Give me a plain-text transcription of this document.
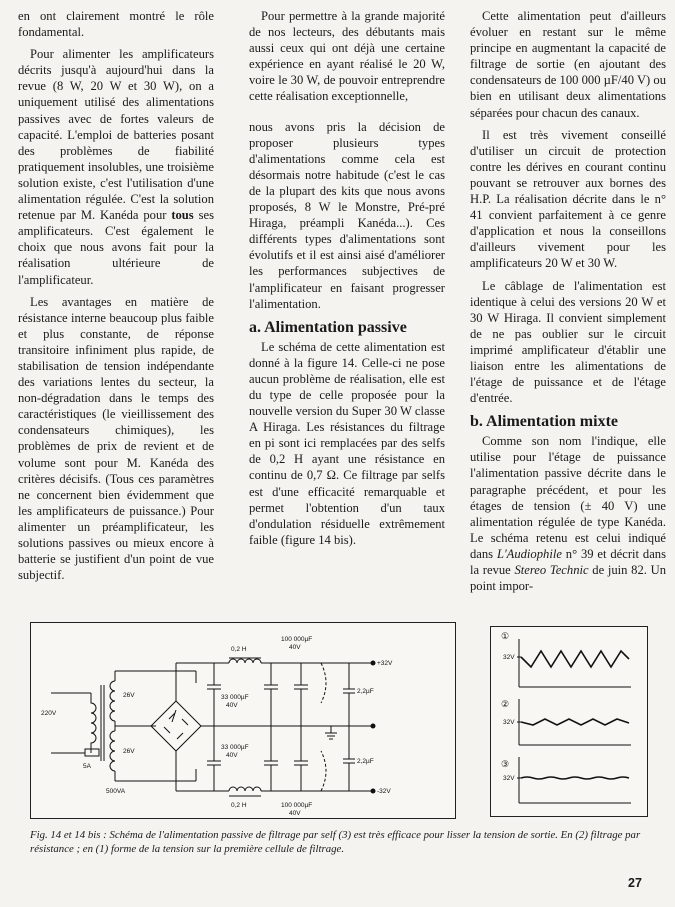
en ont clairement montré le rôle fondamental.

Pour alimenter les amplificateurs décrits jusqu'à aujourd'hui dans la revue (8 W, 20 W et 30 W), on a uniquement utilisé des alimentations passives avec de fortes valeurs de capacité. L'emploi de batteries posant des problèmes de fiabilité pratiquement insolubles, une troisième solution existe, c'est l'utilisation d'une alimentation régulée. C'est la solution retenue par M. Kanéda pour tous ses amplificateurs. C'est également le choix que nous avons fait pour la réalisation ultérieure de l'amplificateur.

Les avantages en matière de résistance interne beaucoup plus faible et plus constante, de réponse transitoire infiniment plus rapide, de stabilisation de tension indépendante des variations lentes du secteur, la non-dégradation dans le temps des caractéristiques (le vieillissement des condensateurs chimiques), les problèmes de prix de revient et de volume sont pour M. Kanéda des critères décisifs. (Tous ces paramètres ne concernent bien évidemment que les amplificateurs de puissance.) Pour alimenter un préamplificateur, les solutions passives ou mieux encore à batterie se justifient d'un point de vue subjectif.

Pour permettre à la grande majorité de nos lecteurs, des débutants mais aussi ceux qui ont déjà une certaine expérience en ayant réalisé le 20 W, voire le 30 W, de pouvoir entreprendre cette réalisation exceptionnelle,

nous avons pris la décision de proposer plusieurs types d'alimentations comme cela est désormais notre habitude (c'est le cas de la plupart des kits que nous avons proposés, 8 W le Monstre, Pré-pré Hiraga, préampli Kanéda...). Ces différents types d'alimentations sont évolutifs et il est ainsi aisé d'améliorer les performances subjectives de l'amplificateur en faisant progresser l'alimentation.

a. Alimentation passive

Le schéma de cette alimentation est donné à la figure 14. Celle-ci ne pose aucun problème de réalisation, elle est du type de celle proposée pour la nouvelle version du Super 30 W classe A Hiraga. Les résistances du filtrage en pi sont ici remplacées par des selfs de 0,2 H ayant une résistance en continu de 0,7 Ω. Ce filtrage par selfs est d'une efficacité remarquable et permet l'obtention d'un taux d'ondulation résiduelle extrêmement faible (figure 14 bis).

Cette alimentation peut d'ailleurs évoluer en restant sur le même principe en augmentant la capacité de filtrage de sortie (en ajoutant des condensateurs de 100 000 µF/40 V) ou bien en utilisant deux alimentations séparées pour chacun des canaux.

Il est très vivement conseillé d'utiliser un circuit de protection contre les dérives en courant continu pouvant se retrouver aux bornes des H.P. La réalisation décrite dans le n° 41 convient parfaitement à ce genre d'application et nous la conseillons d'ailleurs vivement pour les amplificateurs 20 W et 30 W.

Le câblage de l'alimentation est identique à celui des versions 20 W et 30 W Hiraga. Il convient simplement de ne pas oublier sur le circuit imprimé amplificateur d'établir une liaison entre les alimentations de l'étage de puissance et de l'étage d'entrée.

b. Alimentation mixte

Comme son nom l'indique, elle utilise pour l'étage de puissance l'alimentation passive décrite dans le paragraphe précédent, et pour les étages de tension (± 40 V) une alimentation régulée de type Kanéda. Le schéma retenu est celui indiqué dans L'Audiophile n° 39 et décrit dans la revue Stereo Technic de juin 82. Un point impor-

220V
5A
500VA
26V
26V
0,2 H
0,2 H
100 000µF
40V
100 000µF
40V
33 000µF
40V
33 000µF
40V
2,2µF
2,2µF
+32V
-32V
①
②
③
32V
32V
32V
Fig. 14 et 14 bis : Schéma de l'alimentation passive de filtrage par self (3) est très efficace pour lisser la tension de sortie. En (2) filtrage par résistance ; en (1) forme de la tension sur la première cellule de filtrage.
27
